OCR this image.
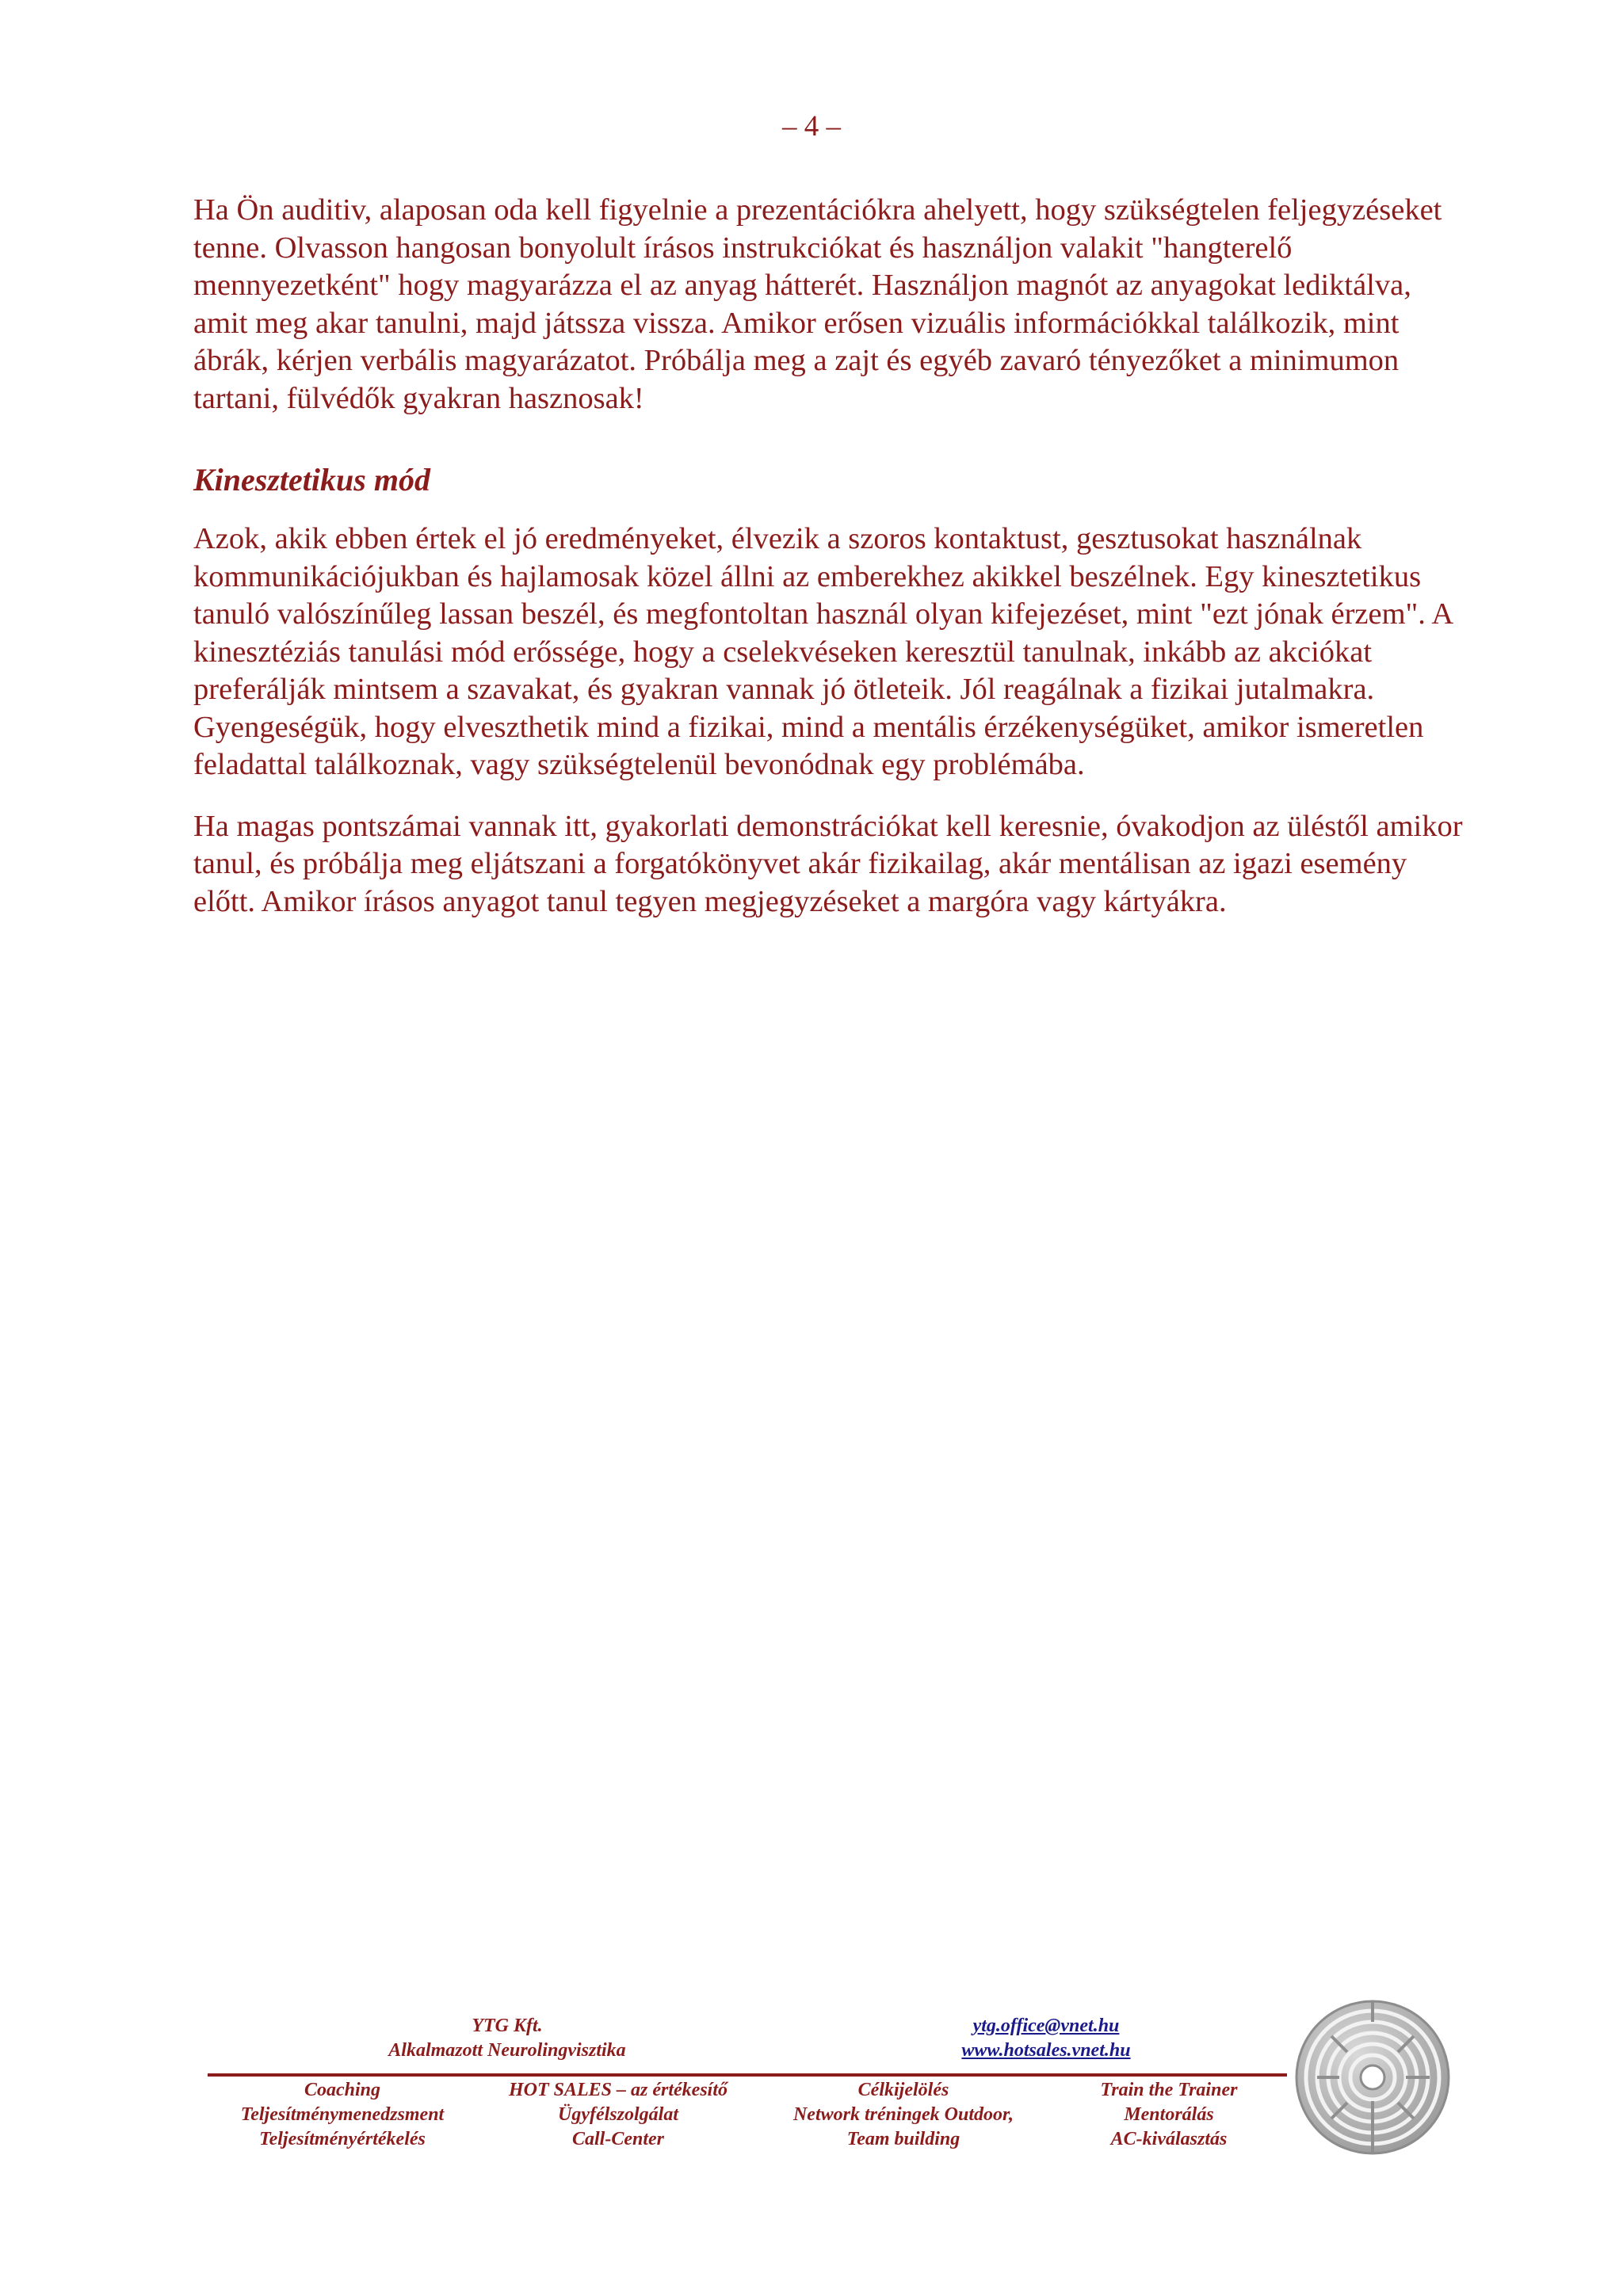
– 4 –

Ha Ön auditiv, alaposan oda kell figyelnie a prezentációkra ahelyett, hogy szükségtelen feljegyzéseket tenne. Olvasson hangosan bonyolult írásos instrukciókat és használjon valakit "hangterelő mennyezetként" hogy magyarázza el az anyag hátterét. Használjon magnót az anyagokat lediktálva, amit meg akar tanulni, majd játssza vissza. Amikor erősen vizuális információkkal találkozik, mint ábrák, kérjen verbális magyarázatot. Próbálja meg a zajt és egyéb zavaró tényezőket a minimumon tartani, fülvédők gyakran hasznosak!

Kinesztetikus mód

Azok, akik ebben értek el jó eredményeket, élvezik a szoros kontaktust, gesztusokat használnak kommunikációjukban és hajlamosak közel állni az emberekhez akikkel beszélnek. Egy kinesztetikus tanuló valószínűleg lassan beszél, és megfontoltan használ olyan kifejezéset, mint "ezt jónak érzem". A kinesztéziás tanulási mód erőssége, hogy a cselekvéseken keresztül tanulnak, inkább az akciókat preferálják mintsem a szavakat, és gyakran vannak jó ötleteik. Jól reagálnak a fizikai jutalmakra. Gyengeségük, hogy elveszthetik mind a fizikai, mind a mentális érzékenységüket, amikor ismeretlen feladattal találkoznak, vagy szükségtelenül bevonódnak egy problémába.

Ha magas pontszámai vannak itt, gyakorlati demonstrációkat kell keresnie, óvakodjon az üléstől amikor tanul, és próbálja meg eljátszani a forgatókönyvet akár fizikailag, akár mentálisan az igazi esemény előtt. Amikor írásos anyagot tanul tegyen megjegyzéseket a margóra vagy kártyákra.

YTG Kft.
Alkalmazott Neurolingvisztika
ytg.office@vnet.hu
www.hotsales.vnet.hu
Coaching
Teljesítménymenedzsment
Teljesítményértékelés
HOT SALES – az értékesítő
Ügyfélszolgálat
Call-Center
Célkijelölés
Network tréningek Outdoor,
Team building
Train the Trainer
Mentorálás
AC-kiválasztás
